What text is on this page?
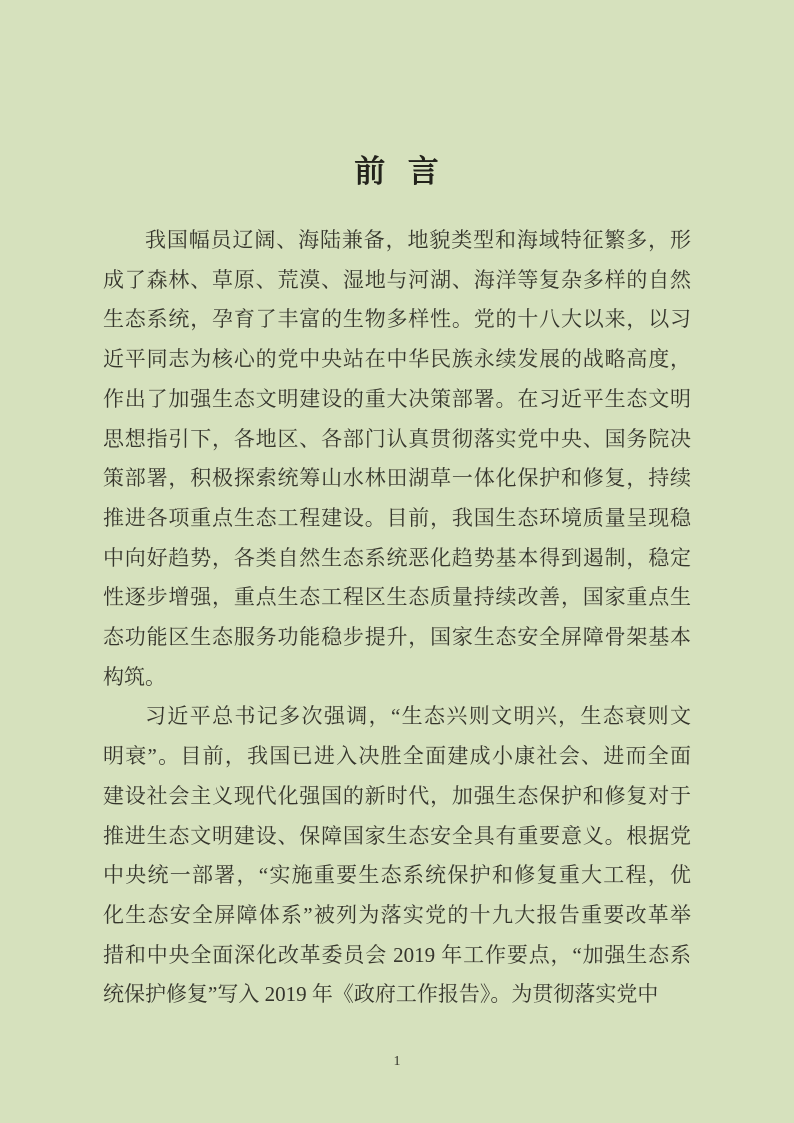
前 言
我国幅员辽阔、海陆兼备，地貌类型和海域特征繁多，形
成了森林、草原、荒漠、湿地与河湖、海洋等复杂多样的自然
生态系统，孕育了丰富的生物多样性。党的十八大以来，以习
近平同志为核心的党中央站在中华民族永续发展的战略高度，
作出了加强生态文明建设的重大决策部署。在习近平生态文明
思想指引下，各地区、各部门认真贯彻落实党中央、国务院决
策部署，积极探索统筹山水林田湖草一体化保护和修复，持续
推进各项重点生态工程建设。目前，我国生态环境质量呈现稳
中向好趋势，各类自然生态系统恶化趋势基本得到遏制，稳定
性逐步增强，重点生态工程区生态质量持续改善，国家重点生
态功能区生态服务功能稳步提升，国家生态安全屏障骨架基本
构筑。
习近平总书记多次强调，“生态兴则文明兴，生态衰则文
明衰”。目前，我国已进入决胜全面建成小康社会、进而全面
建设社会主义现代化强国的新时代，加强生态保护和修复对于
推进生态文明建设、保障国家生态安全具有重要意义。根据党
中央统一部署，“实施重要生态系统保护和修复重大工程，优
化生态安全屏障体系”被列为落实党的十九大报告重要改革举
措和中央全面深化改革委员会 2019 年工作要点，“加强生态系
统保护修复”写入 2019 年《政府工作报告》。为贯彻落实党中
1
